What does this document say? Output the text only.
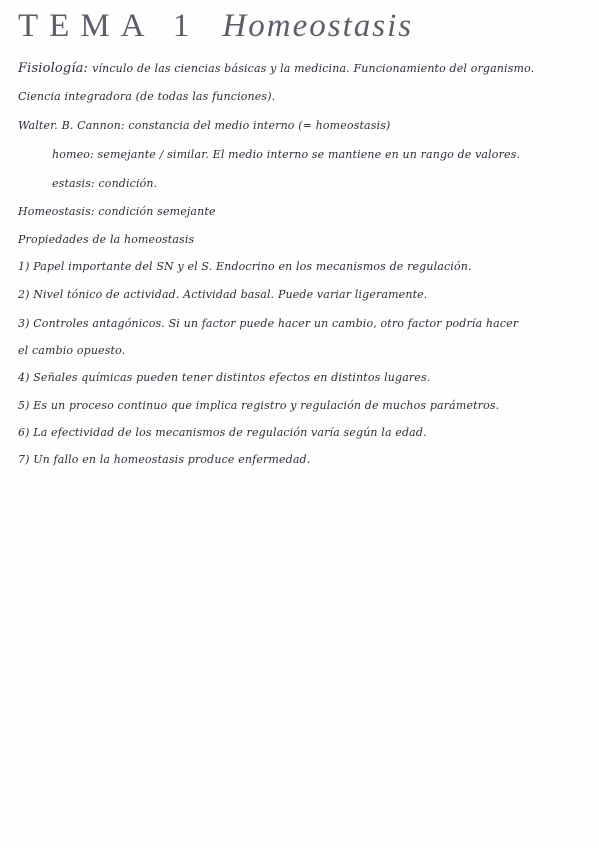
TEMA 1 Homeostasis
Fisiología: vínculo de las ciencias básicas y la medicina. Funcionamiento del organismo.
Ciencia integradora (de todas las funciones).
Walter. B. Cannon: constancia del medio interno (= homeostasis)
homeo: semejante / similar. El medio interno se mantiene en un rango de valores.
estasis: condición.
Homeostasis: condición semejante
Propiedades de la homeostasis
1) Papel importante del SN y el S. Endocrino en los mecanismos de regulación.
2) Nivel tónico de actividad. Actividad basal. Puede variar ligeramente.
3) Controles antagónicos. Si un factor puede hacer un cambio, otro factor podría hacer
el cambio opuesto.
4) Señales químicas pueden tener distintos efectos en distintos lugares.
5) Es un proceso continuo que implica registro y regulación de muchos parámetros.
6) La efectividad de los mecanismos de regulación varía según la edad.
7) Un fallo en la homeostasis produce enfermedad.
